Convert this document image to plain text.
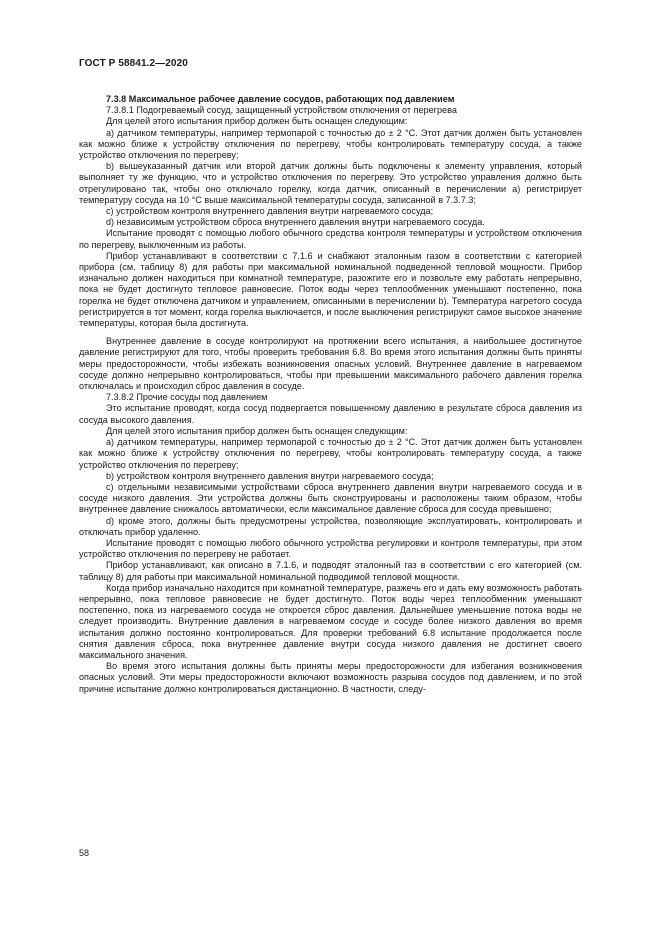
ГОСТ Р 58841.2—2020

7.3.8 Максимальное рабочее давление сосудов, работающих под давлением

7.3.8.1 Подогреваемый сосуд, защищенный устройством отключения от перегрева

Для целей этого испытания прибор должен быть оснащен следующим:

a) датчиком температуры, например термопарой с точностью до ± 2 °C. Этот датчик должен быть установлен как можно ближе к устройству отключения по перегреву, чтобы контролировать температуру сосуда, а также устройство отключения по перегреву;

b) вышеуказанный датчик или второй датчик должны быть подключены к элементу управления, который выполняет ту же функцию, что и устройство отключения по перегреву. Это устройство управления должно быть отрегулировано так, чтобы оно отключало горелку, когда датчик, описанный в перечислении a) регистрирует температуру сосуда на 10 °C выше максимальной температуры сосуда, записанной в 7.3.7.3;

c) устройством контроля внутреннего давления внутри нагреваемого сосуда;

d) независимым устройством сброса внутреннего давления внутри нагреваемого сосуда.

Испытание проводят с помощью любого обычного средства контроля температуры и устройством отключения по перегреву, выключенным из работы.

Прибор устанавливают в соответствии с 7.1.6 и снабжают эталонным газом в соответствии с категорией прибора (см. таблицу 8) для работы при максимальной номинальной подведенной тепловой мощности. Прибор изначально должен находиться при комнатной температуре, разожгите его и позвольте ему работать непрерывно, пока не будет достигнуто тепловое равновесие. Поток воды через теплообменник уменьшают постепенно, пока горелка не будет отключена датчиком и управлением, описанными в перечислении b). Температура нагретого сосуда регистрируется в тот момент, когда горелка выключается, и после выключения регистрируют самое высокое значение температуры, которая была достигнута.

Внутреннее давление в сосуде контролируют на протяжении всего испытания, а наибольшее достигнутое давление регистрируют для того, чтобы проверить требования 6.8. Во время этого испытания должны быть приняты меры предосторожности, чтобы избежать возникновения опасных условий. Внутреннее давление в нагреваемом сосуде должно непрерывно контролироваться, чтобы при превышении максимального рабочего давления горелка отключалась и происходил сброс давления в сосуде.

7.3.8.2 Прочие сосуды под давлением

Это испытание проводят, когда сосуд подвергается повышенному давлению в результате сброса давления из сосуда высокого давления.

Для целей этого испытания прибор должен быть оснащен следующим:

a) датчиком температуры, например термопарой с точностью до ± 2 °C. Этот датчик должен быть установлен как можно ближе к устройству отключения по перегреву, чтобы контролировать температуру сосуда, а также устройство отключения по перегреву;

b) устройством контроля внутреннего давления внутри нагреваемого сосуда;

c) отдельными независимыми устройствами сброса внутреннего давления внутри нагреваемого сосуда и в сосуде низкого давления. Эти устройства должны быть сконструированы и расположены таким образом, чтобы внутреннее давление снижалось автоматически, если максимальное давление сброса для сосуда превышено;

d) кроме этого, должны быть предусмотрены устройства, позволяющие эксплуатировать, контролировать и отключать прибор удаленно.

Испытание проводят с помощью любого обычного устройства регулировки и контроля температуры, при этом устройство отключения по перегреву не работает.

Прибор устанавливают, как описано в 7.1.6, и подводят эталонный газ в соответствии с его категорией (см. таблицу 8) для работы при максимальной номинальной подводимой тепловой мощности.

Когда прибор изначально находится при комнатной температуре, разжечь его и дать ему возможность работать непрерывно, пока тепловое равновесие не будет достигнуто. Поток воды через теплообменник уменьшают постепенно, пока из нагреваемого сосуда не откроется сброс давления. Дальнейшее уменьшение потока воды не следует производить. Внутренние давления в нагреваемом сосуде и сосуде более низкого давления во время испытания должно постоянно контролироваться. Для проверки требований 6.8 испытание продолжается после снятия давления сброса, пока внутреннее давление внутри сосуда низкого давления не достигнет своего максимального значения.

Во время этого испытания должны быть приняты меры предосторожности для избегания возникновения опасных условий. Эти меры предосторожности включают возможность разрыва сосудов под давлением, и по этой причине испытание должно контролироваться дистанционно. В частности, следу-

58
